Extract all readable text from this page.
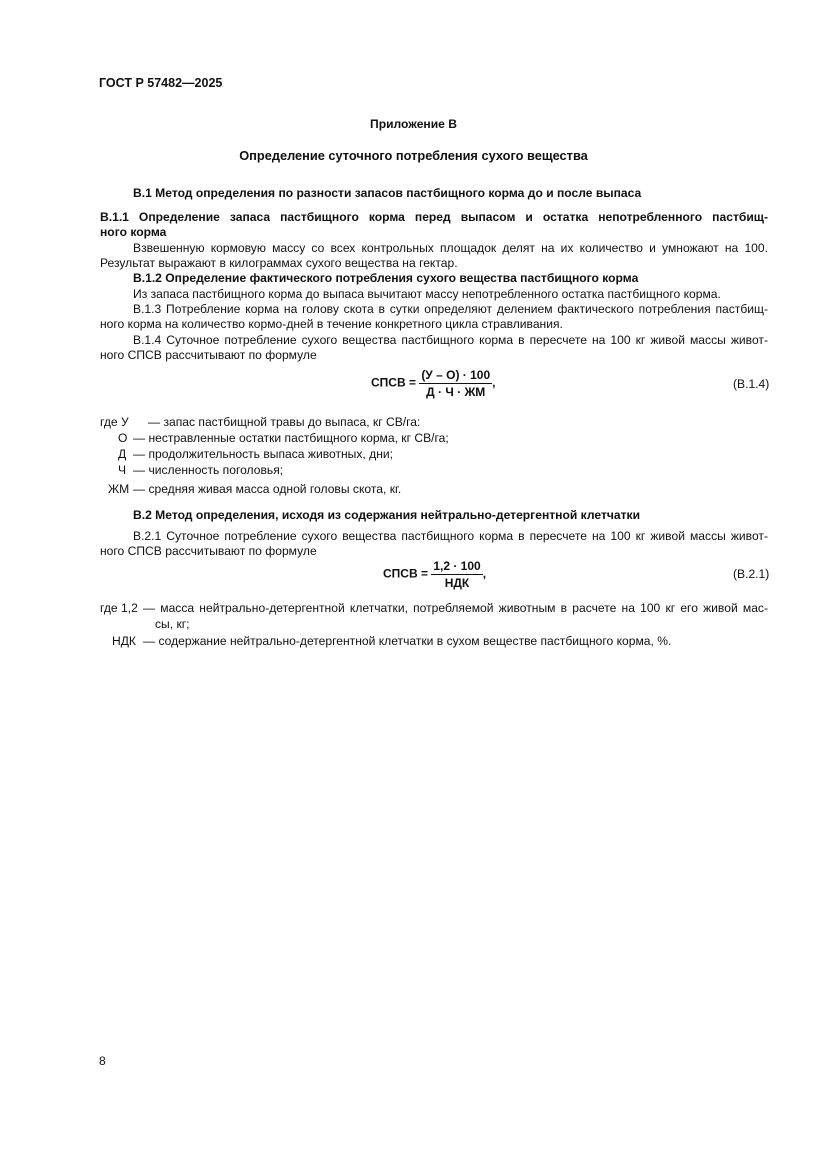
ГОСТ Р 57482—2025
Приложение В
Определение суточного потребления сухого вещества
В.1 Метод определения по разности запасов пастбищного корма до и после выпаса
В.1.1 Определение запаса пастбищного корма перед выпасом и остатка непотребленного пастбищ-
ного корма
Взвешенную кормовую массу со всех контрольных площадок делят на их количество и умножают на 100.
Результат выражают в килограммах сухого вещества на гектар.
В.1.2 Определение фактического потребления сухого вещества пастбищного корма
Из запаса пастбищного корма до выпаса вычитают массу непотребленного остатка пастбищного корма.
В.1.3 Потребление корма на голову скота в сутки определяют делением фактического потребления пастбищ-
ного корма на количество кормо-дней в течение конкретного цикла стравливания.
В.1.4 Суточное потребление сухого вещества пастбищного корма в пересчете на 100 кг живой массы живот-
ного СПСВ рассчитывают по формуле
СПСВ = $\frac{(У - О) \cdot 100}{Д \cdot Ч \cdot ЖМ}$ ,	(В.1.4)
где У — запас пастбищной травы до выпаса, кг СВ/га:
О — нестравленные остатки пастбищного корма, кг СВ/га;
Д — продолжительность выпаса животных, дни;
Ч — численность поголовья;
ЖМ — средняя живая масса одной головы скота, кг.
В.2 Метод определения, исходя из содержания нейтрально-детергентной клетчатки
В.2.1 Суточное потребление сухого вещества пастбищного корма в пересчете на 100 кг живой массы живот-
ного СПСВ рассчитывают по формуле
СПСВ = $\frac{1,2 \cdot 100}{\text{НДК}}$ ,	(В.2.1)
где 1,2 — масса нейтрально-детергентной клетчатки, потребляемой животным в расчете на 100 кг его живой мас-
сы, кг;
НДК — содержание нейтрально-детергентной клетчатки в сухом веществе пастбищного корма, %.
8
